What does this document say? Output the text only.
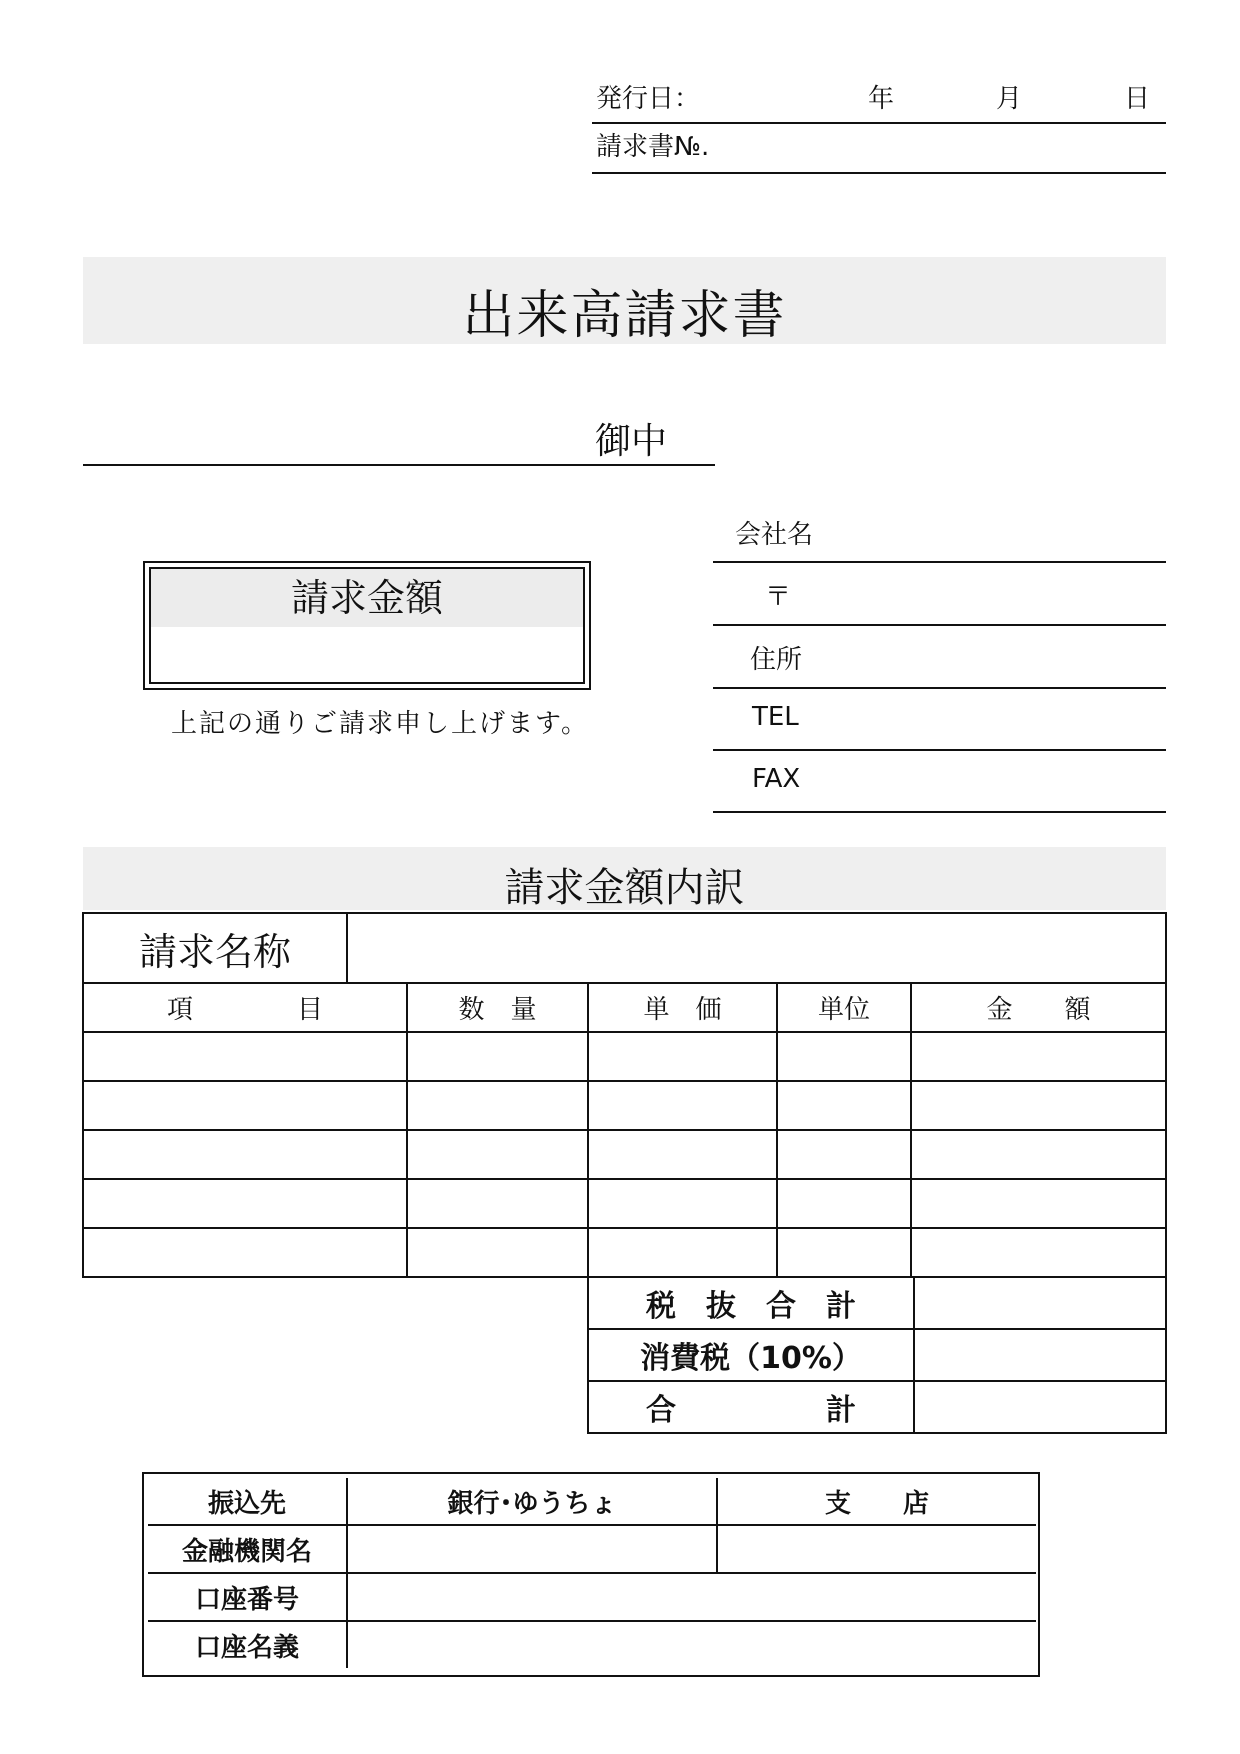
発行日：	年	月	日
請求書№.
出来高請求書
御中
請求金額
上記の通りご請求申し上げます。
会社名
〒
住所
TEL
FAX
請求金額内訳
請求名称	
項　　　　目	数　量	単　価	単位	金　　額

税　抜　合　計	
消費税（10%）	
合　　　　　計	
振込先	銀行･ゆうちょ	支　　店
金融機関名		
口座番号		
口座名義		
